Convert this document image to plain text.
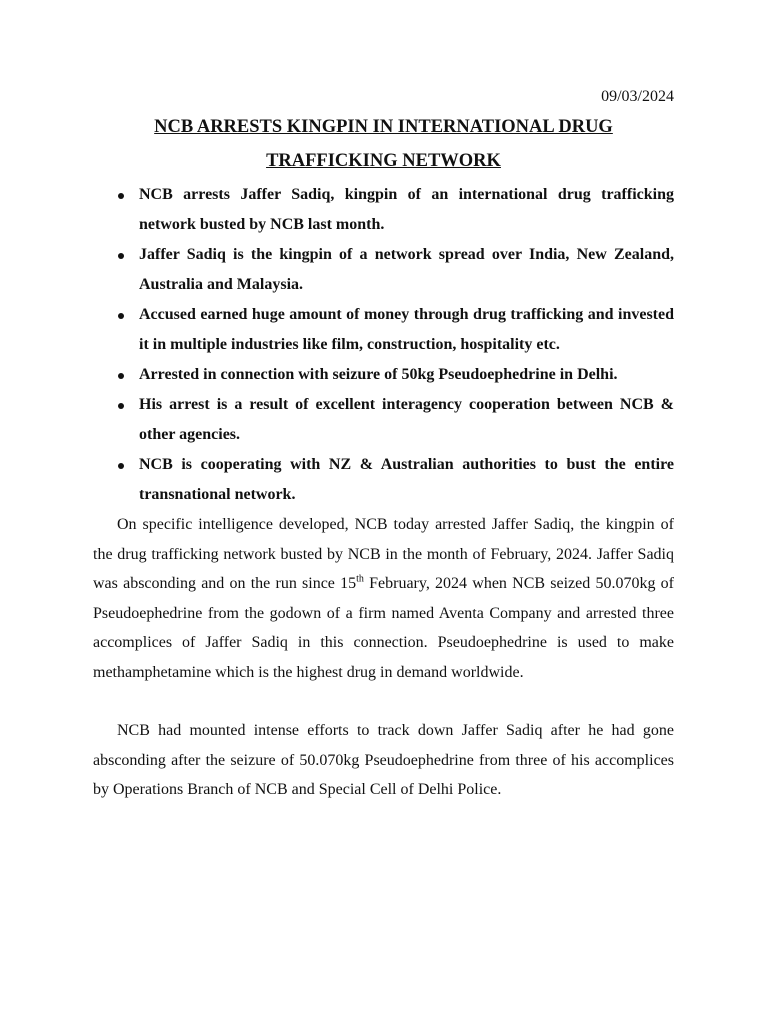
09/03/2024

NCB ARRESTS KINGPIN IN INTERNATIONAL DRUG TRAFFICKING NETWORK
NCB arrests Jaffer Sadiq, kingpin of an international drug trafficking network busted by NCB last month.
Jaffer Sadiq is the kingpin of a network spread over India, New Zealand, Australia and Malaysia.
Accused earned huge amount of money through drug trafficking and invested it in multiple industries like film, construction, hospitality etc.
Arrested in connection with seizure of 50kg Pseudoephedrine in Delhi.
His arrest is a result of excellent interagency cooperation between NCB & other agencies.
NCB is cooperating with NZ & Australian authorities to bust the entire transnational network.

On specific intelligence developed, NCB today arrested Jaffer Sadiq, the kingpin of the drug trafficking network busted by NCB in the month of February, 2024. Jaffer Sadiq was absconding and on the run since 15th February, 2024 when NCB seized 50.070kg of Pseudoephedrine from the godown of a firm named Aventa Company and arrested three accomplices of Jaffer Sadiq in this connection. Pseudoephedrine is used to make methamphetamine which is the highest drug in demand worldwide.

NCB had mounted intense efforts to track down Jaffer Sadiq after he had gone absconding after the seizure of 50.070kg Pseudoephedrine from three of his accomplices by Operations Branch of NCB and Special Cell of Delhi Police.
